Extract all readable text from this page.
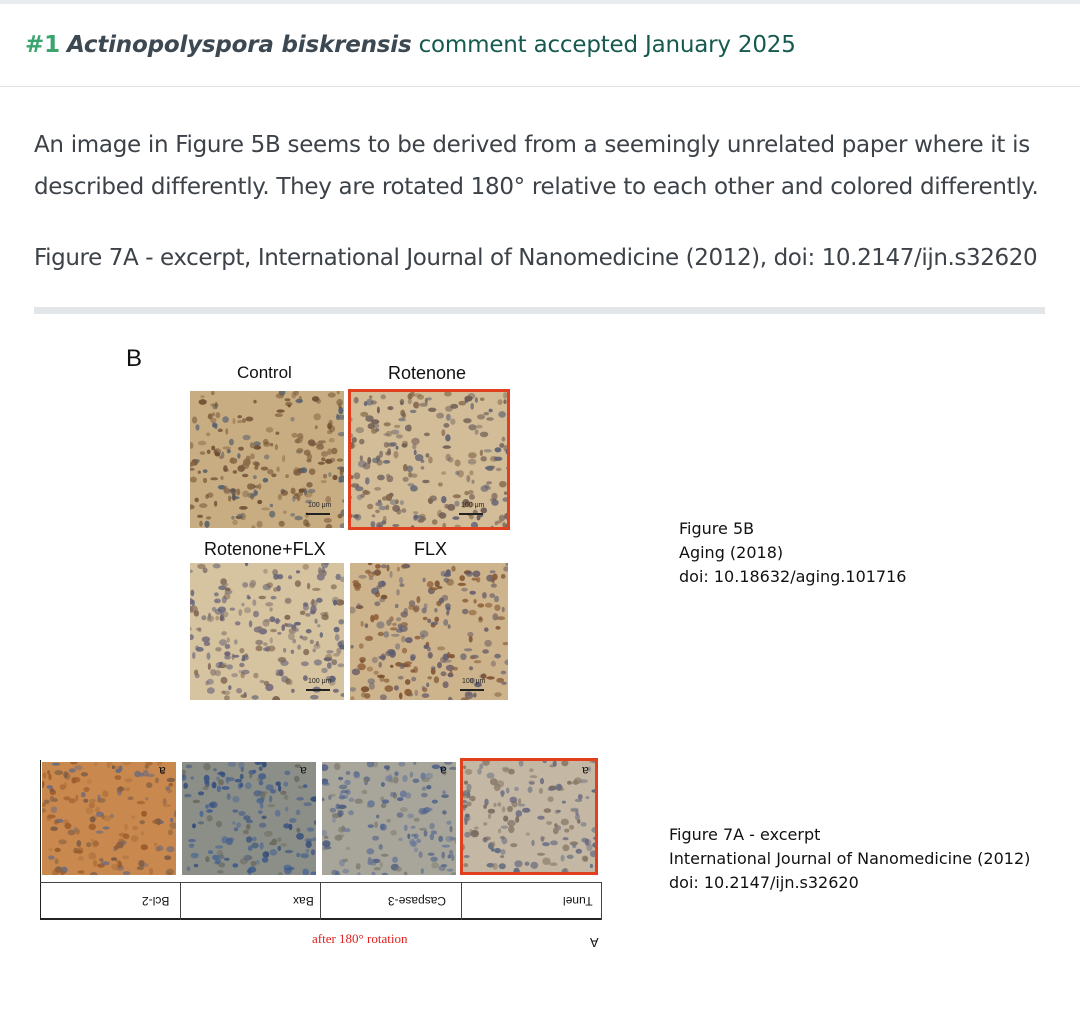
#1 Actinopolyspora biskrensis comment accepted January 2025
An image in Figure 5B seems to be derived from a seemingly unrelated paper where it is described differently. They are rotated 180° relative to each other and colored differently.
Figure 7A - excerpt, International Journal of Nanomedicine (2012), doi: 10.2147/ijn.s32620
B
Control	Rotenone
Rotenone+FLX	FLX
100 μm	100 μm
100 μm	100 μm
Figure 5B
Aging (2018)
doi: 10.18632/aging.101716
a	a	a	a
Bcl-2	Bax	Caspase-3	Tunel
after 180° rotation	A
Figure 7A - excerpt
International Journal of Nanomedicine (2012)
doi: 10.2147/ijn.s32620
